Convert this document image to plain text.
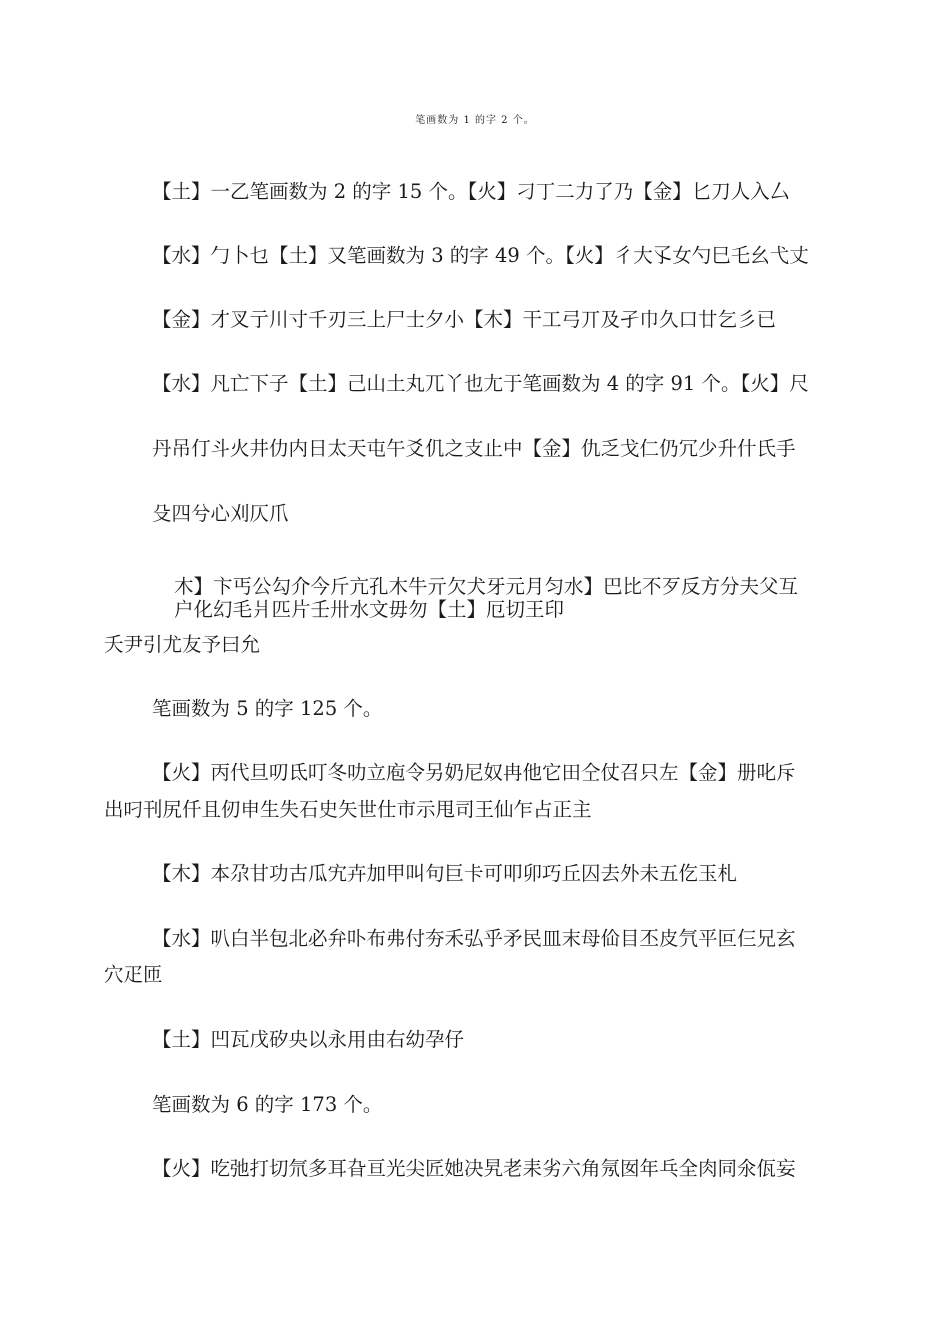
笔画数为 1 的字 2 个。
【土】一乙笔画数为 2 的字 15 个。【火】刁丁二力了乃【金】匕刀人入厶
【水】勹卜乜【土】又笔画数为 3 的字 49 个。【火】彳大孓女勺巳乇幺弋丈
【金】才叉亍川寸千刃三上尸士夕小【木】干工弓丌及孑巾久口廿乞彡已
【水】凡亡下子【土】己山土丸兀丫也尢于笔画数为 4 的字 91 个。【火】尺
丹吊仃斗火井仂内日太天屯午爻仉之支止中【金】仇乏戈仁仍冗少升什氏手
殳四兮心刈仄爪
木】卞丐公勾介今斤亢孔木牛亓欠犬牙元月匀水】巴比不歹反方分夫父互
户化幻毛爿匹片壬卅水文毋勿【土】厄切王印
夭尹引尤友予曰允
笔画数为 5 的字 125 个。
【火】丙代旦叨氐叮冬叻立庖令另奶尼奴冉他它田仝仗召只左【金】册叱斥
出叼刊尻仟且仞申生失石史矢世仕市示甩司王仙乍占正主
【木】本尕甘功古瓜宄卉加甲叫句巨卡可叩卯巧丘囚去外未五仡玉札
【水】叭白半包北必弁卟布弗付夯禾弘乎矛民皿末母佡目丕皮氕平叵仨兄玄
穴疋匝
【土】凹瓦戊矽央以永用由右幼孕仔
笔画数为 6 的字 173 个。
【火】吃弛打切氘多耳旮亘光尖匠她决旯老耒劣六角氖囡年乓全肉同氽佤妄
